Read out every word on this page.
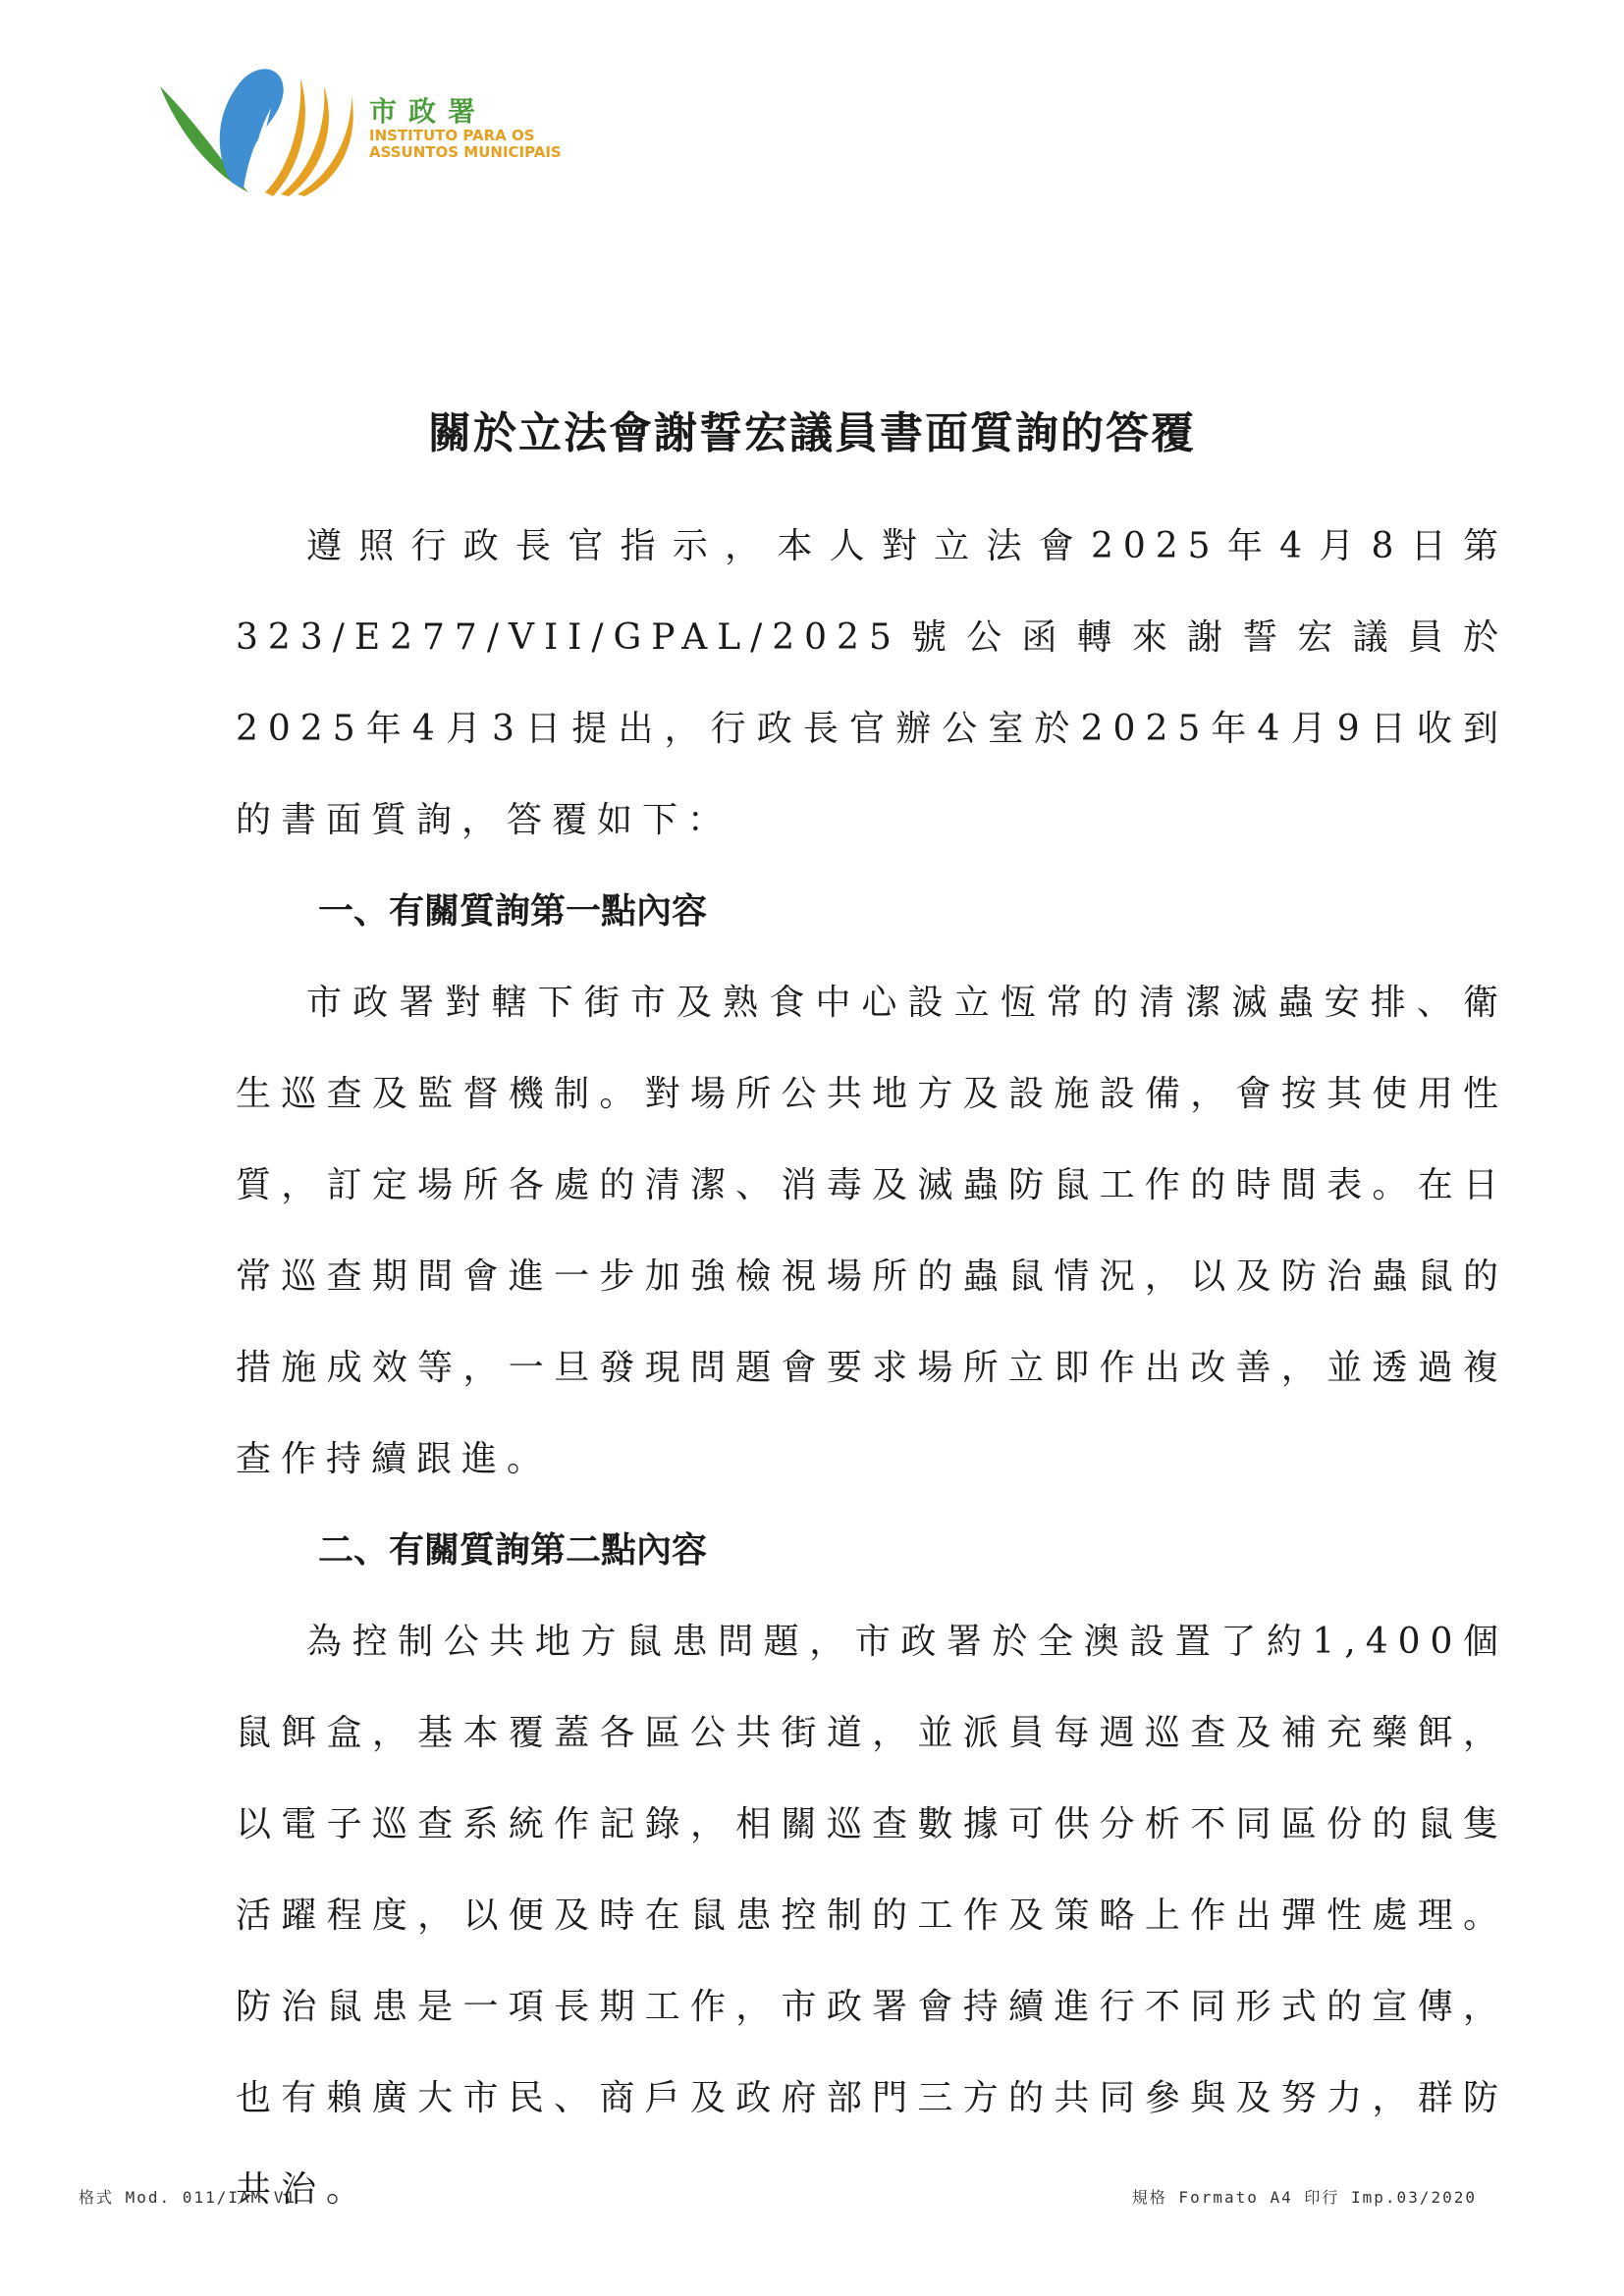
市政署
INSTITUTO PARA OS
ASSUNTOS MUNICIPAIS
關於立法會謝誓宏議員書面質詢的答覆

遵照行政長官指示，本人對立法會2025年4月8日第323/E277/VII/GPAL/2025號公函轉來謝誓宏議員於2025年4月3日提出，行政長官辦公室於2025年4月9日收到的書面質詢，答覆如下：

一、有關質詢第一點內容

市政署對轄下街市及熟食中心設立恆常的清潔滅蟲安排、衛生巡查及監督機制。對場所公共地方及設施設備，會按其使用性質，訂定場所各處的清潔、消毒及滅蟲防鼠工作的時間表。在日常巡查期間會進一步加強檢視場所的蟲鼠情況，以及防治蟲鼠的措施成效等，一旦發現問題會要求場所立即作出改善，並透過複查作持續跟進。

二、有關質詢第二點內容

為控制公共地方鼠患問題，市政署於全澳設置了約1,400個鼠餌盒，基本覆蓋各區公共街道，並派員每週巡查及補充藥餌，以電子巡查系統作記錄，相關巡查數據可供分析不同區份的鼠隻活躍程度，以便及時在鼠患控制的工作及策略上作出彈性處理。防治鼠患是一項長期工作，市政署會持續進行不同形式的宣傳，也有賴廣大市民、商戶及政府部門三方的共同參與及努力，群防共治。

格式 Mod. 011/IAM V1	規格 Formato A4 印行 Imp.03/2020
